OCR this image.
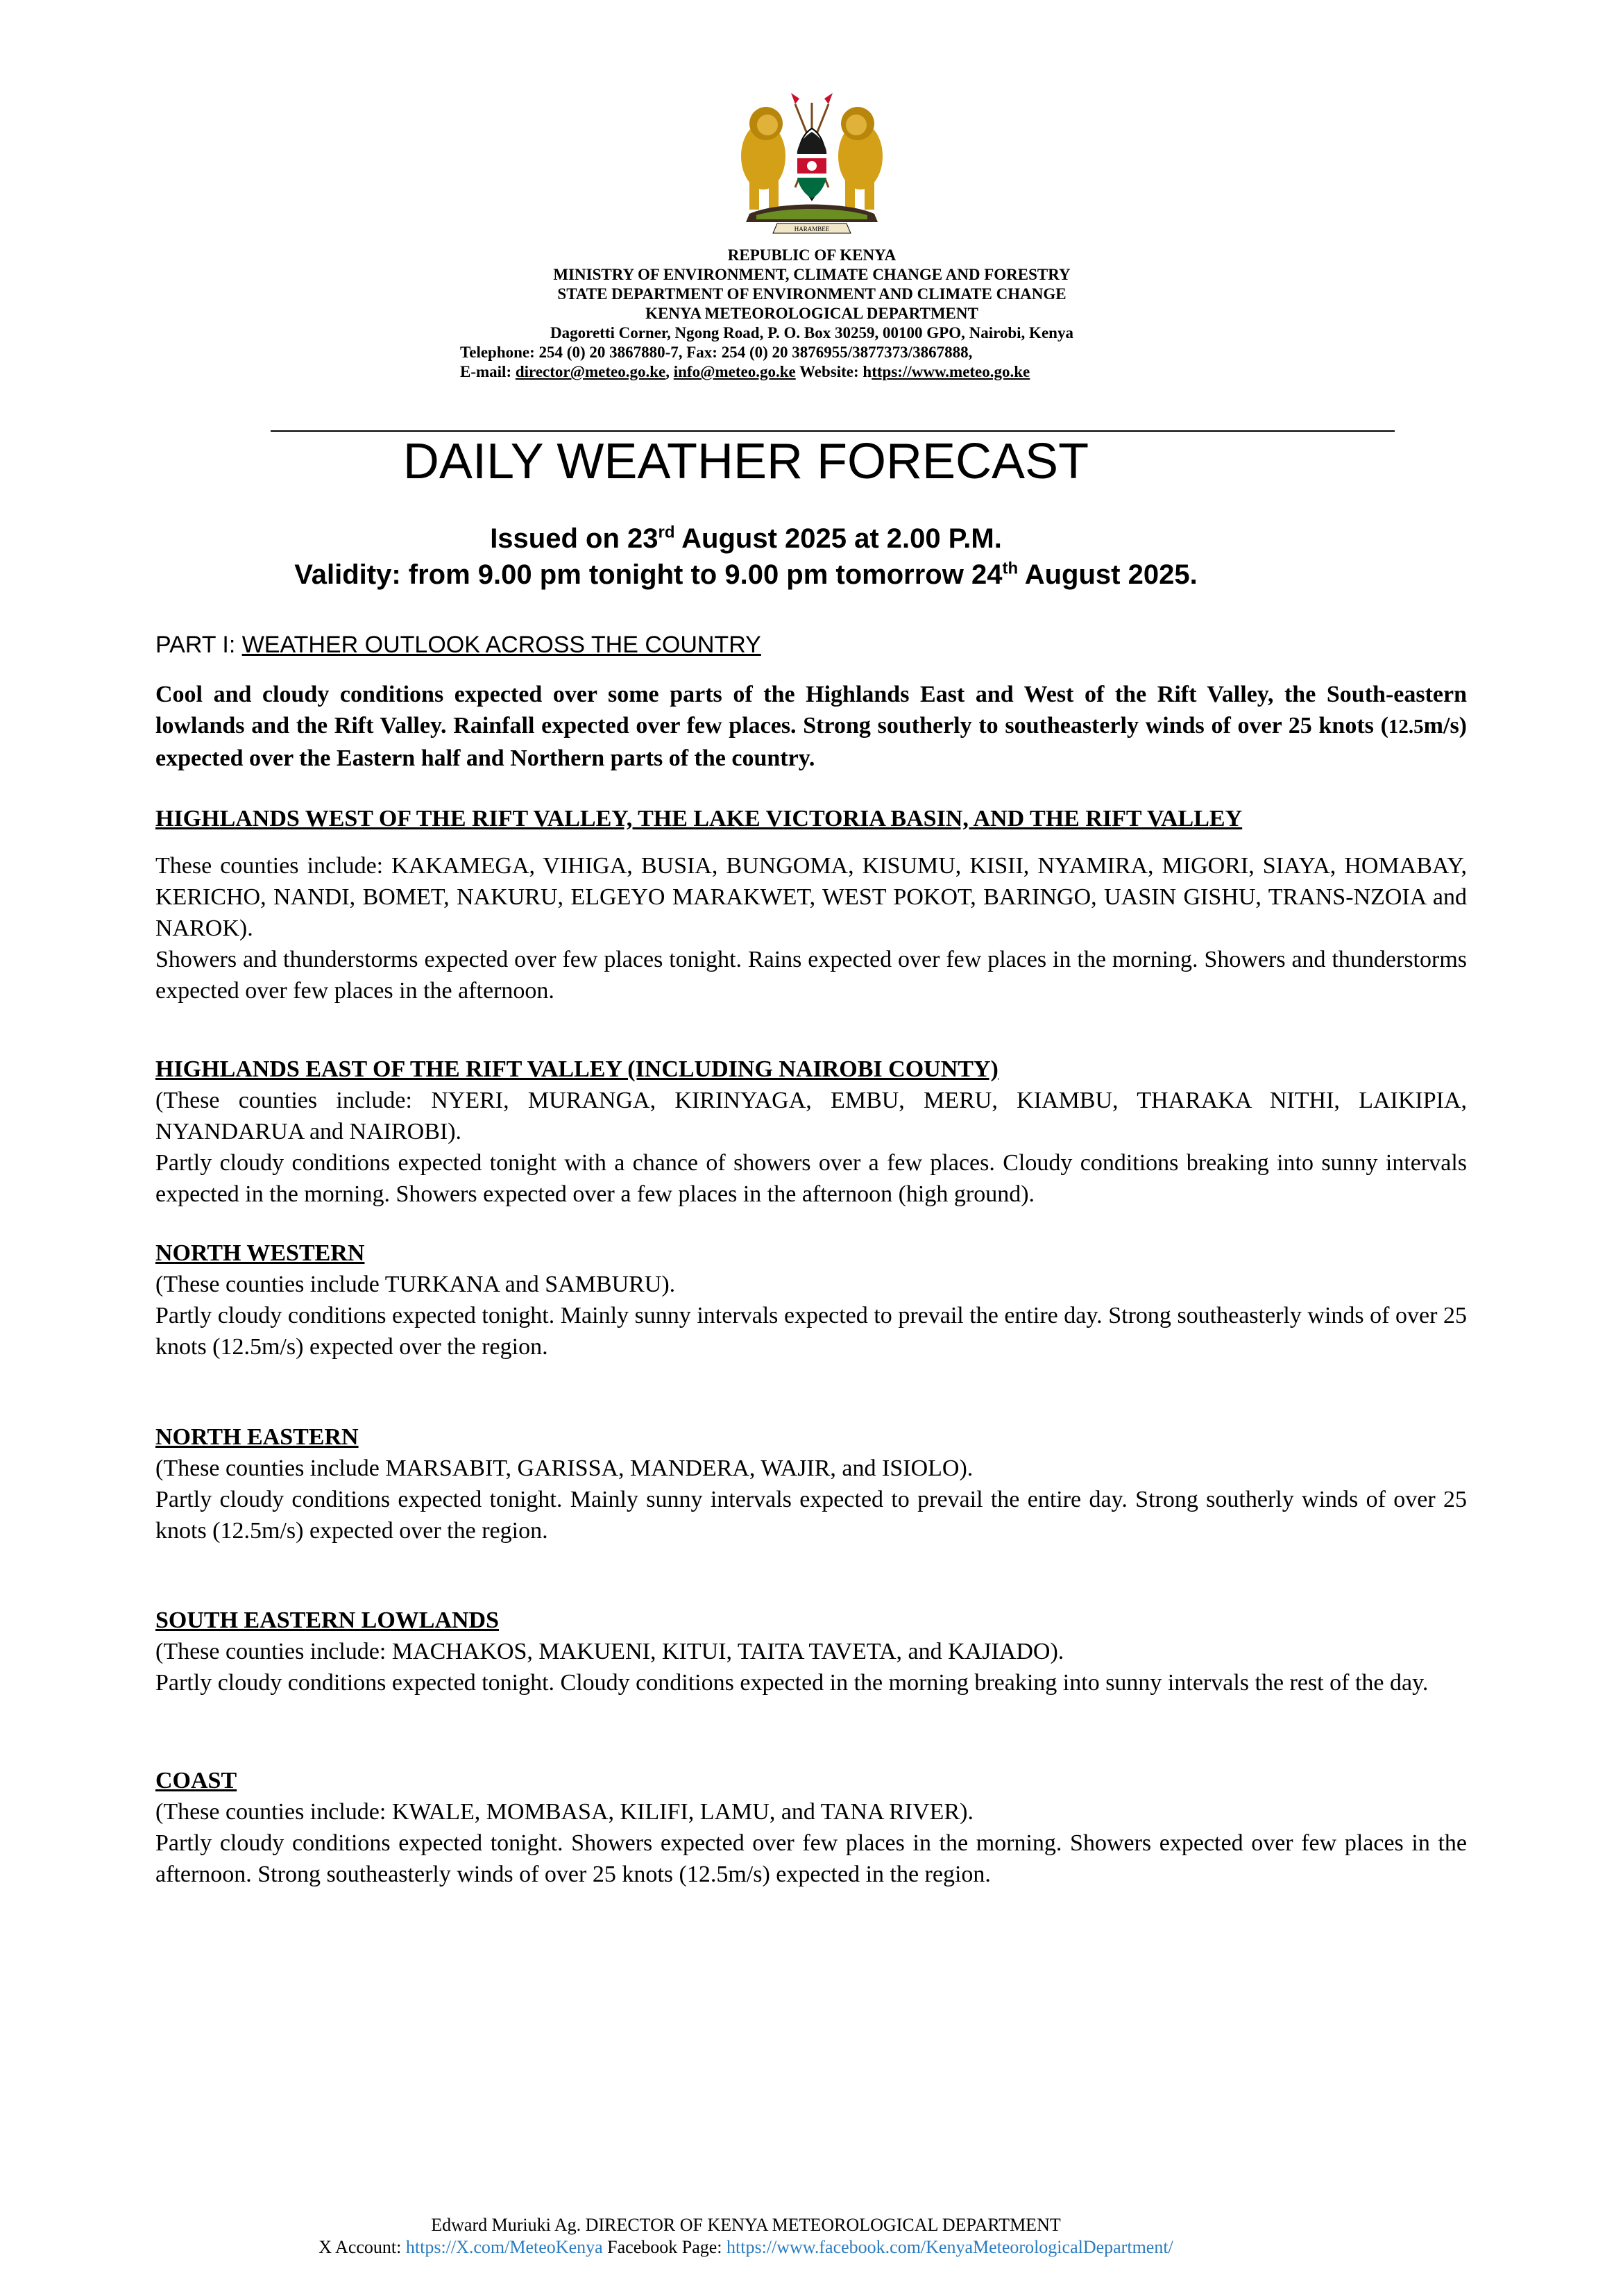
HARAMBEE
REPUBLIC OF KENYA
MINISTRY OF ENVIRONMENT, CLIMATE CHANGE AND FORESTRY
STATE DEPARTMENT OF ENVIRONMENT AND CLIMATE CHANGE
KENYA METEOROLOGICAL DEPARTMENT
Dagoretti Corner, Ngong Road, P. O. Box 30259, 00100 GPO, Nairobi, Kenya
Telephone: 254 (0) 20 3867880-7, Fax: 254 (0) 20 3876955/3877373/3867888,
E-mail: director@meteo.go.ke, info@meteo.go.ke Website: https://www.meteo.go.ke
DAILY WEATHER FORECAST
Issued on 23rd August 2025 at 2.00 P.M.
Validity: from 9.00 pm tonight to 9.00 pm tomorrow 24th August 2025.
PART I: WEATHER OUTLOOK ACROSS THE COUNTRY

Cool and cloudy conditions expected over some parts of the Highlands East and West of the Rift Valley, the South-eastern lowlands and the Rift Valley. Rainfall expected over few places. Strong southerly to southeasterly winds of over 25 knots (12.5m/s) expected over the Eastern half and Northern parts of the country.

HIGHLANDS WEST OF THE RIFT VALLEY, THE LAKE VICTORIA BASIN, AND THE RIFT VALLEY
These counties include: KAKAMEGA, VIHIGA, BUSIA, BUNGOMA, KISUMU, KISII, NYAMIRA, MIGORI, SIAYA, HOMABAY, KERICHO, NANDI, BOMET, NAKURU, ELGEYO MARAKWET, WEST POKOT, BARINGO, UASIN GISHU, TRANS-NZOIA and NAROK).
Showers and thunderstorms expected over few places tonight. Rains expected over few places in the morning. Showers and thunderstorms expected over few places in the afternoon.
HIGHLANDS EAST OF THE RIFT VALLEY (INCLUDING NAIROBI COUNTY)
(These counties include: NYERI, MURANGA, KIRINYAGA, EMBU, MERU, KIAMBU, THARAKA NITHI, LAIKIPIA, NYANDARUA and NAIROBI).
Partly cloudy conditions expected tonight with a chance of showers over a few places. Cloudy conditions breaking into sunny intervals expected in the morning. Showers expected over a few places in the afternoon (high ground).
NORTH WESTERN
(These counties include TURKANA and SAMBURU).
Partly cloudy conditions expected tonight. Mainly sunny intervals expected to prevail the entire day. Strong southeasterly winds of over 25 knots (12.5m/s) expected over the region.
NORTH EASTERN
(These counties include MARSABIT, GARISSA, MANDERA, WAJIR, and ISIOLO).
Partly cloudy conditions expected tonight. Mainly sunny intervals expected to prevail the entire day. Strong southerly winds of over 25 knots (12.5m/s) expected over the region.
SOUTH EASTERN LOWLANDS
(These counties include: MACHAKOS, MAKUENI, KITUI, TAITA TAVETA, and KAJIADO).
Partly cloudy conditions expected tonight. Cloudy conditions expected in the morning breaking into sunny intervals the rest of the day.
COAST
(These counties include: KWALE, MOMBASA, KILIFI, LAMU, and TANA RIVER).
Partly cloudy conditions expected tonight. Showers expected over few places in the morning. Showers expected over few places in the afternoon. Strong southeasterly winds of over 25 knots (12.5m/s) expected in the region.
Edward Muriuki Ag. DIRECTOR OF KENYA METEOROLOGICAL DEPARTMENT
X Account: https://X.com/MeteoKenya Facebook Page: https://www.facebook.com/KenyaMeteorologicalDepartment/
